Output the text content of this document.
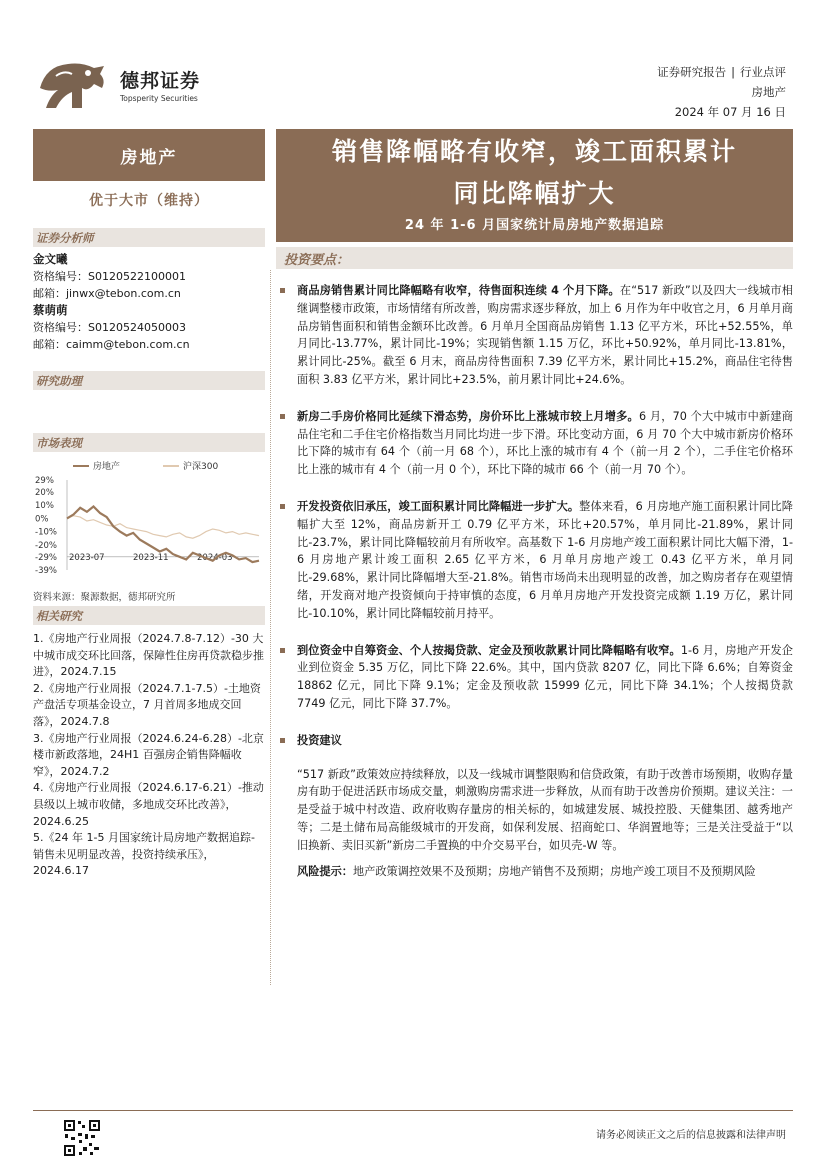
德邦证券
Topsperity Securities
证券研究报告 | 行业点评
房地产
2024 年 07 月 16 日
房地产
优于大市（维持）
证券分析师
金文曦
资格编号：S0120522100001
邮箱：jinwx@tebon.com.cn
蔡萌萌
资格编号：S0120524050003
邮箱：caimm@tebon.com.cn
研究助理
市场表现
房地产	沪深300
29%
20%
10%
0%
-10%
-20%
-29%
-39%
2023-07	2023-11	2024-03
资料来源：聚源数据，德邦研究所
相关研究
1.《房地产行业周报（2024.7.8-7.12）-30 大中城市成交环比回落，保障性住房再贷款稳步推进》，2024.7.15
2.《房地产行业周报（2024.7.1-7.5）-土地资产盘活专项基金设立，7 月首周多地成交回落》，2024.7.8
3.《房地产行业周报（2024.6.24-6.28）-北京楼市新政落地，24H1 百强房企销售降幅收窄》，2024.7.2
4.《房地产行业周报（2024.6.17-6.21）-推动县级以上城市收储，多地成交环比改善》，2024.6.25
5.《24 年 1-5 月国家统计局房地产数据追踪-销售未见明显改善，投资持续承压》，2024.6.17
销售降幅略有收窄，竣工面积累计
同比降幅扩大
24 年 1-6 月国家统计局房地产数据追踪
投资要点：
商品房销售累计同比降幅略有收窄，待售面积连续 4 个月下降。在“517 新政”以及四大一线城市相继调整楼市政策，市场情绪有所改善，购房需求逐步释放，加上 6 月作为年中收官之月，6 月单月商品房销售面积和销售金额环比改善。6 月单月全国商品房销售 1.13 亿平方米，环比+52.55%，单月同比-13.77%，累计同比-19%；实现销售额 1.15 万亿，环比+50.92%，单月同比-13.81%，累计同比-25%。截至 6 月末，商品房待售面积 7.39 亿平方米，累计同比+15.2%，商品住宅待售面积 3.83 亿平方米，累计同比+23.5%，前月累计同比+24.6%。
新房二手房价格同比延续下滑态势，房价环比上涨城市较上月增多。6 月，70 个大中城市中新建商品住宅和二手住宅价格指数当月同比均进一步下滑。环比变动方面，6 月 70 个大中城市新房价格环比下降的城市有 64 个（前一月 68 个），环比上涨的城市有 4 个（前一月 2 个），二手住宅价格环比上涨的城市有 4 个（前一月 0 个），环比下降的城市 66 个（前一月 70 个）。
开发投资依旧承压，竣工面积累计同比降幅进一步扩大。整体来看，6 月房地产施工面积累计同比降幅扩大至 12%，商品房新开工 0.79 亿平方米，环比+20.57%，单月同比-21.89%，累计同比-23.7%，累计同比降幅较前月有所收窄。高基数下 1-6 月房地产竣工面积累计同比大幅下滑，1-6 月房地产累计竣工面积 2.65 亿平方米，6 月单月房地产竣工 0.43 亿平方米，单月同比-29.68%，累计同比降幅增大至-21.8%。销售市场尚未出现明显的改善，加之购房者存在观望情绪，开发商对地产投资倾向于持审慎的态度，6 月单月房地产开发投资完成额 1.19 万亿，累计同比-10.10%，累计同比降幅较前月持平。
到位资金中自筹资金、个人按揭贷款、定金及预收款累计同比降幅略有收窄。1-6 月，房地产开发企业到位资金 5.35 万亿，同比下降 22.6%。其中，国内贷款 8207 亿，同比下降 6.6%；自筹资金 18862 亿元，同比下降 9.1%；定金及预收款 15999 亿元，同比下降 34.1%；个人按揭贷款 7749 亿元，同比下降 37.7%。
投资建议
“517 新政”政策效应持续释放，以及一线城市调整限购和信贷政策，有助于改善市场预期，收购存量房有助于促进活跃市场成交量，刺激购房需求进一步释放，从而有助于改善房价预期。建议关注：一是受益于城中村改造、政府收购存量房的相关标的，如城建发展、城投控股、天健集团、越秀地产等；二是土储布局高能级城市的开发商，如保利发展、招商蛇口、华润置地等；三是关注受益于“以旧换新、卖旧买新”新房二手置换的中介交易平台，如贝壳-W 等。
风险提示：地产政策调控效果不及预期；房地产销售不及预期；房地产竣工项目不及预期风险
请务必阅读正文之后的信息披露和法律声明
